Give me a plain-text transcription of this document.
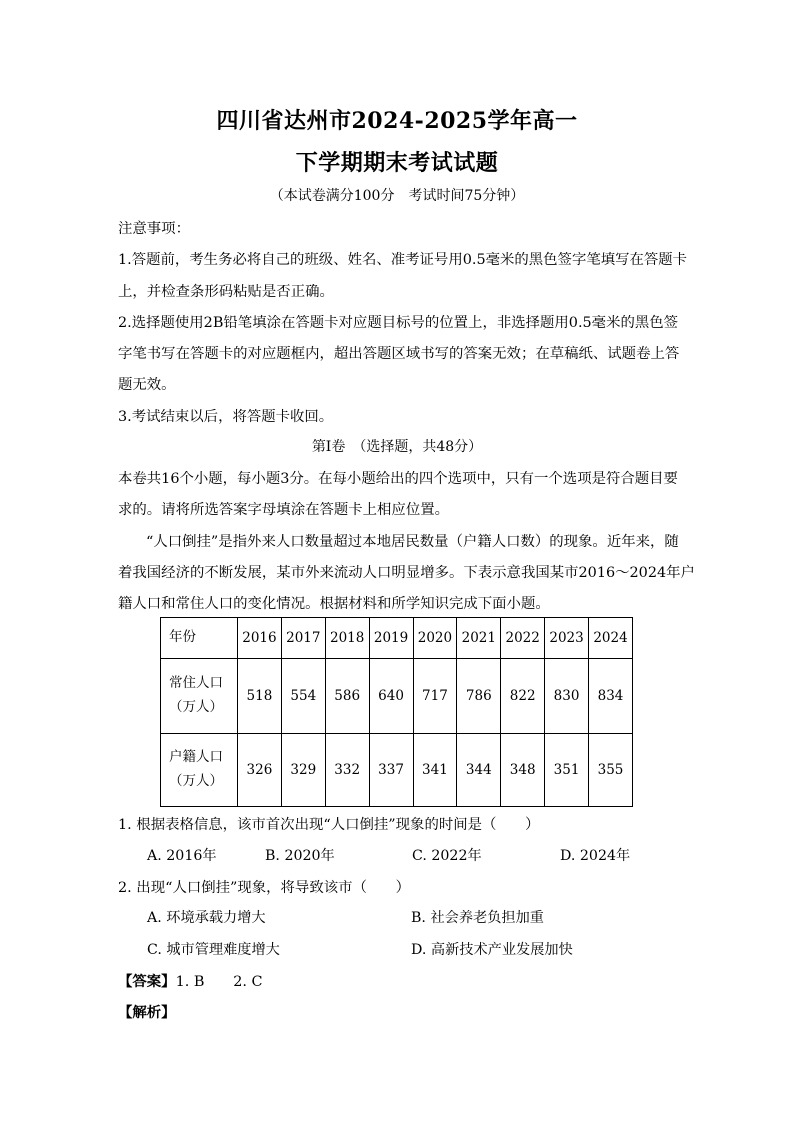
四川省达州市2024-2025学年高一
下学期期末考试试题
（本试卷满分100分　考试时间75分钟）
注意事项：
1.答题前，考生务必将自己的班级、姓名、准考证号用0.5毫米的黑色签字笔填写在答题卡
上，并检查条形码粘贴是否正确。
2.选择题使用2B铅笔填涂在答题卡对应题目标号的位置上，非选择题用0.5毫米的黑色签
字笔书写在答题卡的对应题框内，超出答题区域书写的答案无效；在草稿纸、试题卷上答
题无效。
3.考试结束以后，将答题卡收回。
第Ⅰ卷　（选择题，共48分）
本卷共16个小题，每小题3分。在每小题给出的四个选项中，只有一个选项是符合题目要
求的。请将所选答案字母填涂在答题卡上相应位置。
“人口倒挂”是指外来人口数量超过本地居民数量（户籍人口数）的现象。近年来，随
着我国经济的不断发展，某市外来流动人口明显增多。下表示意我国某市2016～2024年户
籍人口和常住人口的变化情况。根据材料和所学知识完成下面小题。
年份	2016	2017	2018	2019	2020	2021	2022	2023	2024

常住人口
（万人）	518	554	586	640	717	786	822	830	834

户籍人口
（万人）	326	329	332	337	341	344	348	351	355
1. 根据表格信息，该市首次出现“人口倒挂”现象的时间是（　　）
A. 2016年	B. 2020年	C. 2022年	D. 2024年
2. 出现“人口倒挂”现象，将导致该市（　　）
A. 环境承载力增大	B. 社会养老负担加重
C. 城市管理难度增大	D. 高新技术产业发展加快
【答案】1. B　　2. C
【解析】
